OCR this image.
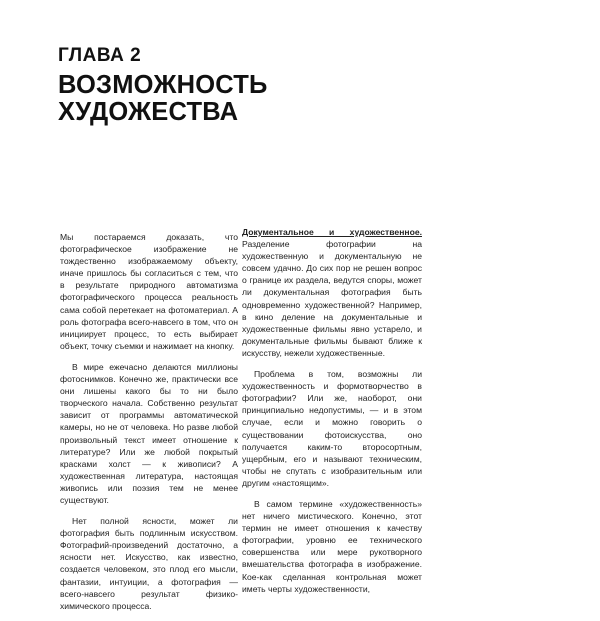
ГЛАВА 2
ВОЗМОЖНОСТЬ
ХУДОЖЕСТВА

Мы постараемся доказать, что фотографическое изображение не тождественно изображаемому объекту, иначе пришлось бы согласиться с тем, что в результате природного автоматизма фотографического процесса реальность сама собой перетекает на фотоматериал. А роль фотографа всего-навсего в том, что он инициирует процесс, то есть выбирает объект, точку съемки и нажимает на кнопку.

В мире ежечасно делаются миллионы фотоснимков. Конечно же, практически все они лишены какого бы то ни было творческого начала. Собственно результат зависит от программы автоматической камеры, но не от человека. Но разве любой произвольный текст имеет отношение к литературе? Или же любой покрытый красками холст — к живописи? А художественная литература, настоящая живопись или поэзия тем не менее существуют.

Нет полной ясности, может ли фотография быть подлинным искусством. Фотографий-произведений достаточно, а ясности нет. Искусство, как известно, создается человеком, это плод его мысли, фантазии, интуиции, а фотография — всего-навсего результат физико-химического процесса.

Документальное и художественное. Разделение фотографии на художественную и документальную не совсем удачно. До сих пор не решен вопрос о границе их раздела, ведутся споры, может ли документальная фотография быть одновременно художественной? Например, в кино деление на документальные и художественные фильмы явно устарело, и документальные фильмы бывают ближе к искусству, нежели художественные.

Проблема в том, возможны ли художественность и формотворчество в фотографии? Или же, наоборот, они принципиально недопустимы, — и в этом случае, если и можно говорить о существовании фотоискусства, оно получается каким-то второсортным, ущербным, его и называют техническим, чтобы не спутать с изобразительным или другим «настоящим».

В самом термине «художественность» нет ничего мистического. Конечно, этот термин не имеет отношения к качеству фотографии, уровню ее технического совершенства или мере рукотворного вмешательства фотографа в изображение. Кое-как сделанная контрольная может иметь черты художественности,
